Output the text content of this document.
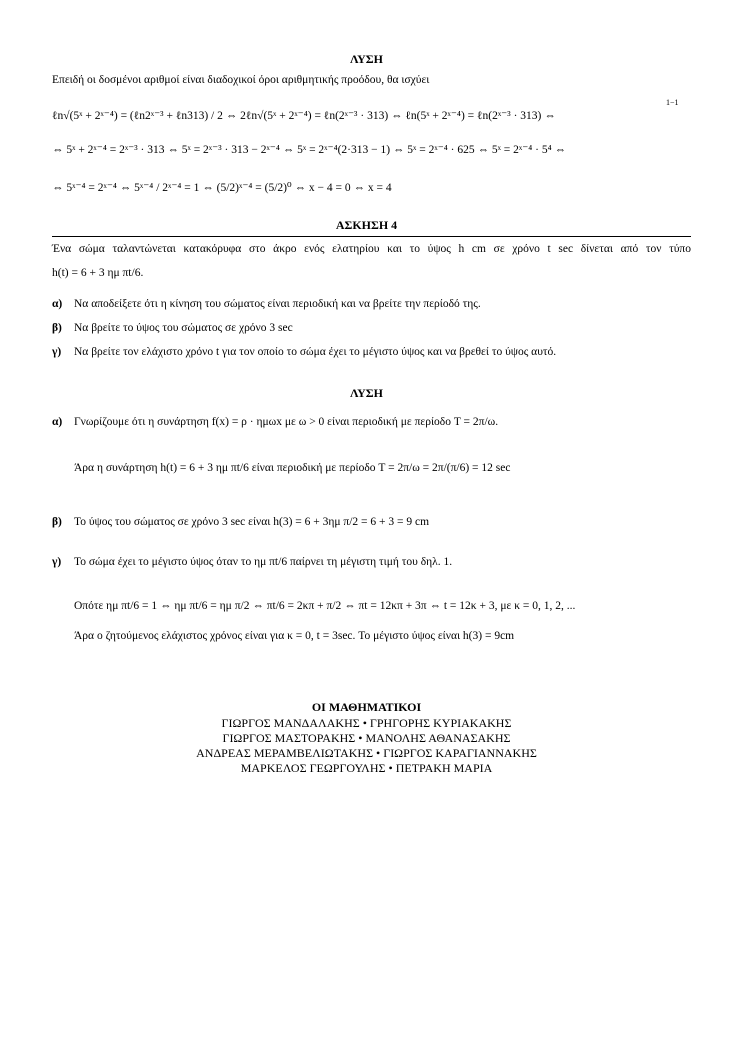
ΛΥΣΗ
Επειδή οι δοσμένοι αριθμοί είναι διαδοχικοί όροι αριθμητικής προόδου, θα ισχύει
ℓn√(5ˣ + 2ˣ⁻⁴) = (ℓn2ˣ⁻³ + ℓn313) / 2 ⇔ 2ℓn√(5ˣ + 2ˣ⁻⁴) = ℓn(2ˣ⁻³ · 313) ⇔ ℓn(5ˣ + 2ˣ⁻⁴) = ℓn(2ˣ⁻³ · 313) ⇔
1−1
⇔ 5ˣ + 2ˣ⁻⁴ = 2ˣ⁻³ · 313 ⇔ 5ˣ = 2ˣ⁻³ · 313 − 2ˣ⁻⁴ ⇔ 5ˣ = 2ˣ⁻⁴(2·313 − 1) ⇔ 5ˣ = 2ˣ⁻⁴ · 625 ⇔ 5ˣ = 2ˣ⁻⁴ · 5⁴ ⇔
⇔ 5ˣ⁻⁴ = 2ˣ⁻⁴ ⇔ 5ˣ⁻⁴ / 2ˣ⁻⁴ = 1 ⇔ (5/2)ˣ⁻⁴ = (5/2)⁰ ⇔ x − 4 = 0 ⇔ x = 4
ΑΣΚΗΣΗ 4
Ένα σώμα ταλαντώνεται κατακόρυφα στο άκρο ενός ελατηρίου και το ύψος h cm σε χρόνο t sec δίνεται από τον τύπο
h(t) = 6 + 3 ημ πt/6.
α) Να αποδείξετε ότι η κίνηση του σώματος είναι περιοδική και να βρείτε την περίοδό της.
β) Να βρείτε το ύψος του σώματος σε χρόνο 3 sec
γ) Να βρείτε τον ελάχιστο χρόνο t για τον οποίο το σώμα έχει το μέγιστο ύψος και να βρεθεί το ύψος αυτό.
ΛΥΣΗ
α) Γνωρίζουμε ότι η συνάρτηση f(x) = ρ · ημωx με ω > 0 είναι περιοδική με περίοδο T = 2π/ω.
Άρα η συνάρτηση h(t) = 6 + 3 ημ πt/6 είναι περιοδική με περίοδο T = 2π/ω = 2π/(π/6) = 12 sec
β) Το ύψος του σώματος σε χρόνο 3 sec είναι h(3) = 6 + 3ημ π/2 = 6 + 3 = 9 cm
γ) Το σώμα έχει το μέγιστο ύψος όταν το ημ πt/6 παίρνει τη μέγιστη τιμή του δηλ. 1.
Οπότε ημ πt/6 = 1 ⇔ ημ πt/6 = ημ π/2 ⇔ πt/6 = 2κπ + π/2 ⇔ πt = 12κπ + 3π ⇔ t = 12κ + 3, με κ = 0, 1, 2, ...
Άρα ο ζητούμενος ελάχιστος χρόνος είναι για κ = 0, t = 3sec. Το μέγιστο ύψος είναι h(3) = 9cm
ΟΙ ΜΑΘΗΜΑΤΙΚΟΙ
ΓΙΩΡΓΟΣ ΜΑΝΔΑΛΑΚΗΣ • ΓΡΗΓΟΡΗΣ ΚΥΡΙΑΚΑΚΗΣ
ΓΙΩΡΓΟΣ ΜΑΣΤΟΡΑΚΗΣ • ΜΑΝΟΛΗΣ ΑΘΑΝΑΣΑΚΗΣ
ΑΝΔΡΕΑΣ ΜΕΡΑΜΒΕΛΙΩΤΑΚΗΣ • ΓΙΩΡΓΟΣ ΚΑΡΑΓΙΑΝΝΑΚΗΣ
ΜΑΡΚΕΛΟΣ ΓΕΩΡΓΟΥΛΗΣ • ΠΕΤΡΑΚΗ ΜΑΡΙΑ
